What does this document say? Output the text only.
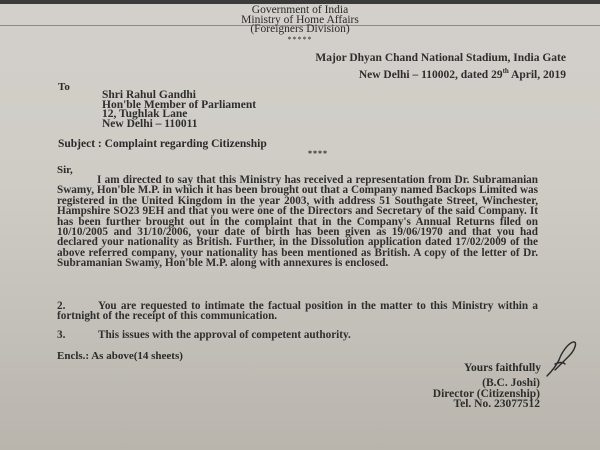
Government of India
Ministry of Home Affairs
(Foreigners Division)
*****
Major Dhyan Chand National Stadium, India Gate
New Delhi – 110002, dated 29th April, 2019
To
Shri Rahul Gandhi
Hon'ble Member of Parliament
12, Tughlak Lane
New Delhi – 110011
Subject : Complaint regarding Citizenship
****
Sir,
I am directed to say that this Ministry has received a representation from Dr. Subramanian Swamy, Hon'ble M.P. in which it has been brought out that a Company named Backops Limited was registered in the United Kingdom in the year 2003, with address 51 Southgate Street, Winchester, Hampshire SO23 9EH and that you were one of the Directors and Secretary of the said Company. It has been further brought out in the complaint that in the Company's Annual Returns filed on 10/10/2005 and 31/10/2006, your date of birth has been given as 19/06/1970 and that you had declared your nationality as British. Further, in the Dissolution application dated 17/02/2009 of the above referred company, your nationality has been mentioned as British. A copy of the letter of Dr. Subramanian Swamy, Hon'ble M.P. along with annexures is enclosed.
2.	You are requested to intimate the factual position in the matter to this Ministry within a fortnight of the receipt of this communication.
3.	This issues with the approval of competent authority.
Encls.: As above(14 sheets)
Yours faithfully
(B.C. Joshi)
Director (Citizenship)
Tel. No. 23077512
